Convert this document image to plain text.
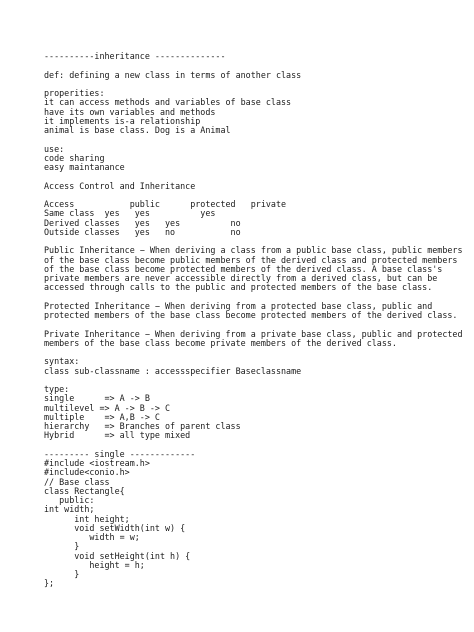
----------inheritance --------------
def: defining a new class in terms of another class
properities:
it can access methods and variables of base class
have its own variables and methods
it implements is-a relationship
animal is base class. Dog is a Animal
use:
code sharing
easy maintanance
Access Control and Inheritance
Access           public      protected   private
Same class  yes   yes          yes
Derived classes   yes   yes          no
Outside classes   yes   no           no
Public Inheritance − When deriving a class from a public base class, public members
of the base class become public members of the derived class and protected members
of the base class become protected members of the derived class. A base class's
private members are never accessible directly from a derived class, but can be
accessed through calls to the public and protected members of the base class.
Protected Inheritance − When deriving from a protected base class, public and
protected members of the base class become protected members of the derived class.
Private Inheritance − When deriving from a private base class, public and protected
members of the base class become private members of the derived class.
syntax:
class sub-classname : accessspecifier Baseclassname
type:
single      => A -> B
multilevel => A -> B -> C
multiple    => A,B -> C
hierarchy   => Branches of parent class
Hybrid      => all type mixed
--------- single -------------
#include <iostream.h>
#include<conio.h>
// Base class
class Rectangle{
public:
int width;
int height;
void setWidth(int w) {
width = w;
}
void setHeight(int h) {
height = h;
}
};
